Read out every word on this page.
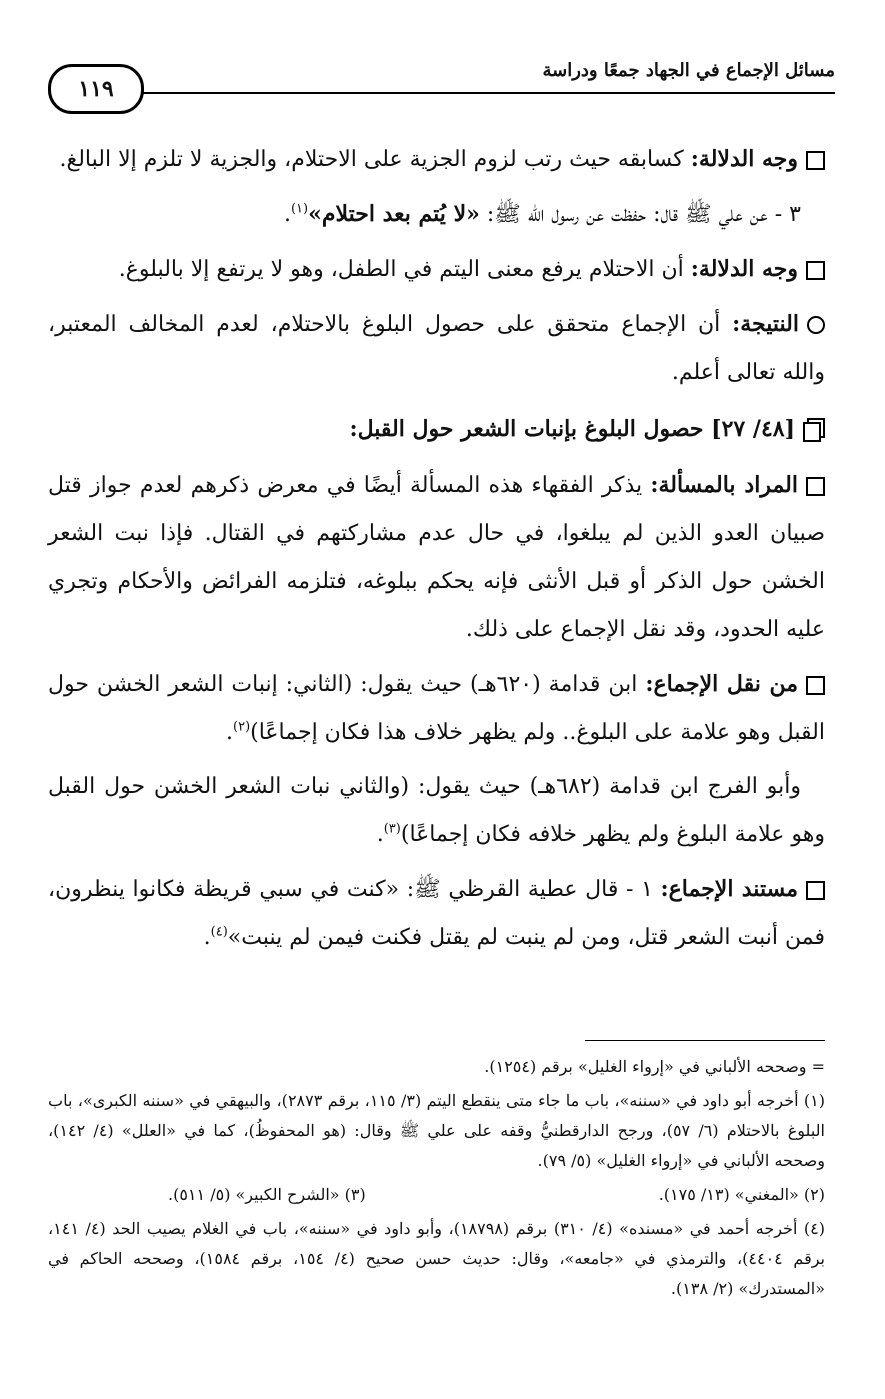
مسائل الإجماع في الجهاد جمعًا ودراسة
١١٩

وجه الدلالة: كسابقه حيث رتب لزوم الجزية على الاحتلام، والجزية لا تلزم إلا البالغ.

٣ - عن علي ﷺ قال: حفظت عن رسول الله ﷺ: «لا يُتم بعد احتلام»$^{(١)}$.

وجه الدلالة: أن الاحتلام يرفع معنى اليتم في الطفل، وهو لا يرتفع إلا بالبلوغ.

النتيجة: أن الإجماع متحقق على حصول البلوغ بالاحتلام، لعدم المخالف المعتبر، والله تعالى أعلم.

[٤٨/ ٢٧] حصول البلوغ بإنبات الشعر حول القبل:

المراد بالمسألة: يذكر الفقهاء هذه المسألة أيضًا في معرض ذكرهم لعدم جواز قتل صبيان العدو الذين لم يبلغوا، في حال عدم مشاركتهم في القتال. فإذا نبت الشعر الخشن حول الذكر أو قبل الأنثى فإنه يحكم ببلوغه، فتلزمه الفرائض والأحكام وتجري عليه الحدود، وقد نقل الإجماع على ذلك.

من نقل الإجماع: ابن قدامة (٦٢٠هـ) حيث يقول: (الثاني: إنبات الشعر الخشن حول القبل وهو علامة على البلوغ.. ولم يظهر خلاف هذا فكان إجماعًا)$^{(٢)}$.

وأبو الفرج ابن قدامة (٦٨٢هـ) حيث يقول: (والثاني نبات الشعر الخشن حول القبل وهو علامة البلوغ ولم يظهر خلافه فكان إجماعًا)$^{(٣)}$.

مستند الإجماع: ١ - قال عطية القرظي ﷺ: «كنت في سبي قريظة فكانوا ينظرون، فمن أنبت الشعر قتل، ومن لم ينبت لم يقتل فكنت فيمن لم ينبت»$^{(٤)}$.

= وصححه الألباني في «إرواء الغليل» برقم (١٢٥٤).

(١) أخرجه أبو داود في «سننه»، باب ما جاء متى ينقطع اليتم (٣/ ١١٥، برقم ٢٨٧٣)، والبيهقي في «سننه الكبرى»، باب البلوغ بالاحتلام (٦/ ٥٧)، ورجح الدارقطنيُّ وقفه على علي ﷺ وقال: (هو المحفوظُ)، كما في «العلل» (٤/ ١٤٢)، وصححه الألباني في «إرواء الغليل» (٥/ ٧٩).

(٢) «المغني» (١٣/ ١٧٥).
(٣) «الشرح الكبير» (٥/ ٥١١).

(٤) أخرجه أحمد في «مسنده» (٤/ ٣١٠) برقم (١٨٧٩٨)، وأبو داود في «سننه»، باب في الغلام يصيب الحد (٤/ ١٤١، برقم ٤٤٠٤)، والترمذي في «جامعه»، وقال: حديث حسن صحيح (٤/ ١٥٤، برقم ١٥٨٤)، وصححه الحاكم في «المستدرك» (٢/ ١٣٨).
